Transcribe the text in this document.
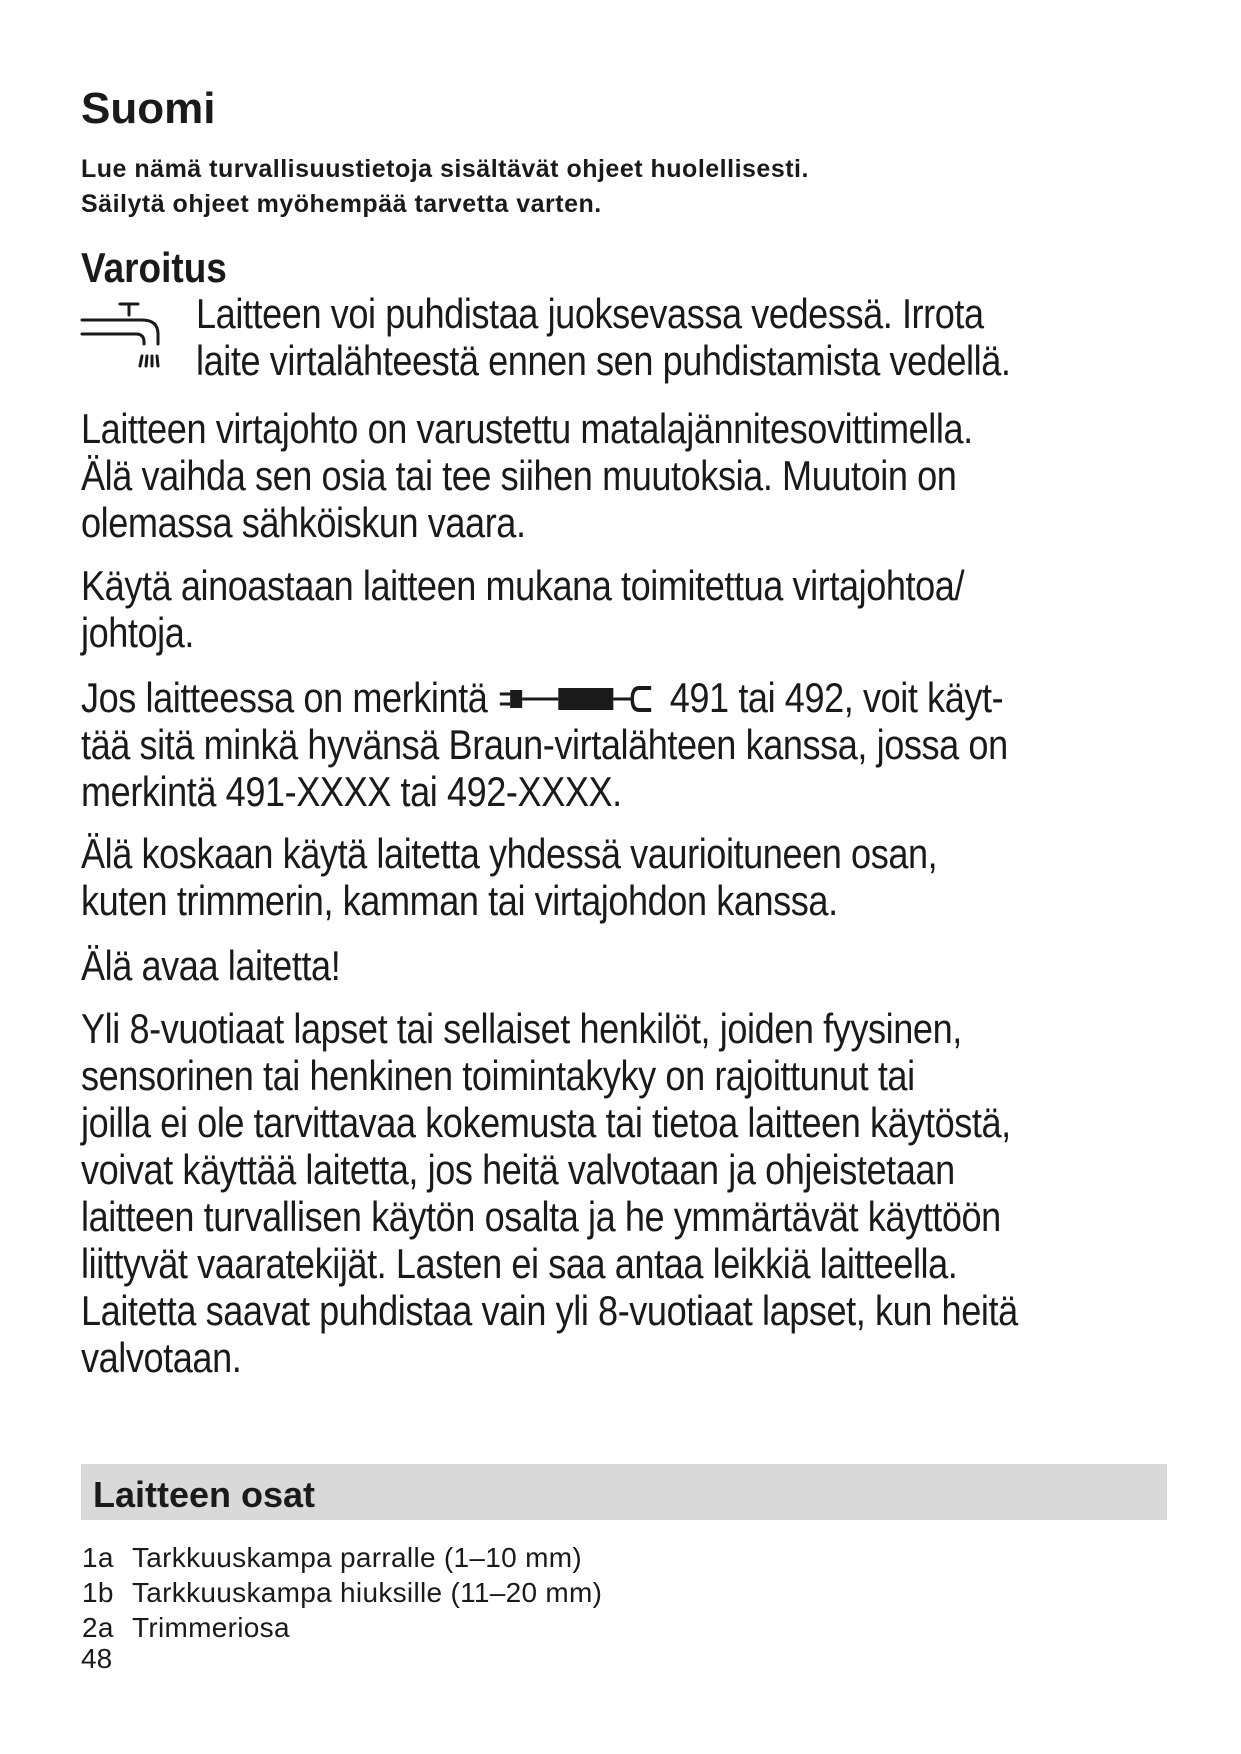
Suomi
Lue nämä turvallisuustietoja sisältävät ohjeet huolellisesti.
Säilytä ohjeet myöhempää tarvetta varten.
Varoitus
Laitteen voi puhdistaa juoksevassa vedessä. Irrota
laite virtalähteestä ennen sen puhdistamista vedellä.
Laitteen virtajohto on varustettu matalajännitesovittimella.
Älä vaihda sen osia tai tee siihen muutoksia. Muutoin on
olemassa sähköiskun vaara.
Käytä ainoastaan laitteen mukana toimitettua virtajohtoa/
johtoja.
Jos laitteessa on merkintä	491 tai 492, voit käyt-
tää sitä minkä hyvänsä Braun-virtalähteen kanssa, jossa on
merkintä 491-XXXX tai 492-XXXX.
Älä koskaan käytä laitetta yhdessä vaurioituneen osan,
kuten trimmerin, kamman tai virtajohdon kanssa.
Älä avaa laitetta!
Yli 8-vuotiaat lapset tai sellaiset henkilöt, joiden fyysinen,
sensorinen tai henkinen toimintakyky on rajoittunut tai
joilla ei ole tarvittavaa kokemusta tai tietoa laitteen käytöstä,
voivat käyttää laitetta, jos heitä valvotaan ja ohjeistetaan
laitteen turvallisen käytön osalta ja he ymmärtävät käyttöön
liittyvät vaaratekijät. Lasten ei saa antaa leikkiä laitteella.
Laitetta saavat puhdistaa vain yli 8-vuotiaat lapset, kun heitä
valvotaan.
Laitteen osat
1a Tarkkuuskampa parralle (1–10 mm)
1b Tarkkuuskampa hiuksille (11–20 mm)
2a Trimmeriosa
48
